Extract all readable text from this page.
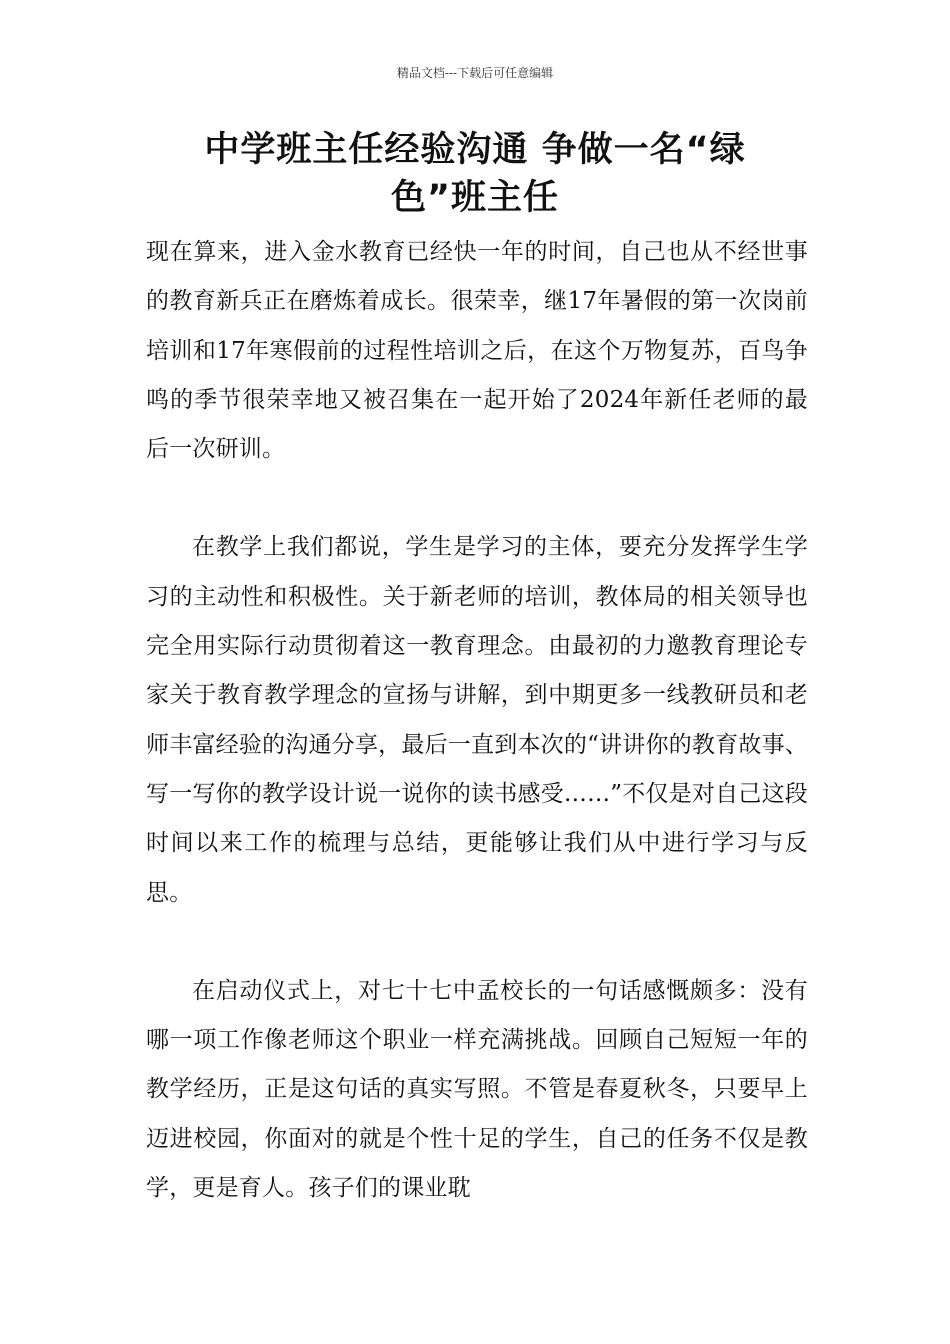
精品文档---下载后可任意编辑
中学班主任经验沟通 争做一名“绿
色”班主任

现在算来，进入金水教育已经快一年的时间，自己也从不经世事的教育新兵正在磨炼着成长。很荣幸，继17年暑假的第一次岗前培训和17年寒假前的过程性培训之后，在这个万物复苏，百鸟争鸣的季节很荣幸地又被召集在一起开始了2024年新任老师的最后一次研训。

在教学上我们都说，学生是学习的主体，要充分发挥学生学习的主动性和积极性。关于新老师的培训，教体局的相关领导也完全用实际行动贯彻着这一教育理念。由最初的力邀教育理论专家关于教育教学理念的宣扬与讲解，到中期更多一线教研员和老师丰富经验的沟通分享，最后一直到本次的“讲讲你的教育故事、写一写你的教学设计说一说你的读书感受……”不仅是对自己这段时间以来工作的梳理与总结，更能够让我们从中进行学习与反思。

在启动仪式上，对七十七中孟校长的一句话感慨颇多：没有哪一项工作像老师这个职业一样充满挑战。回顾自己短短一年的教学经历，正是这句话的真实写照。不管是春夏秋冬，只要早上迈进校园，你面对的就是个性十足的学生，自己的任务不仅是教学，更是育人。孩子们的课业耽
